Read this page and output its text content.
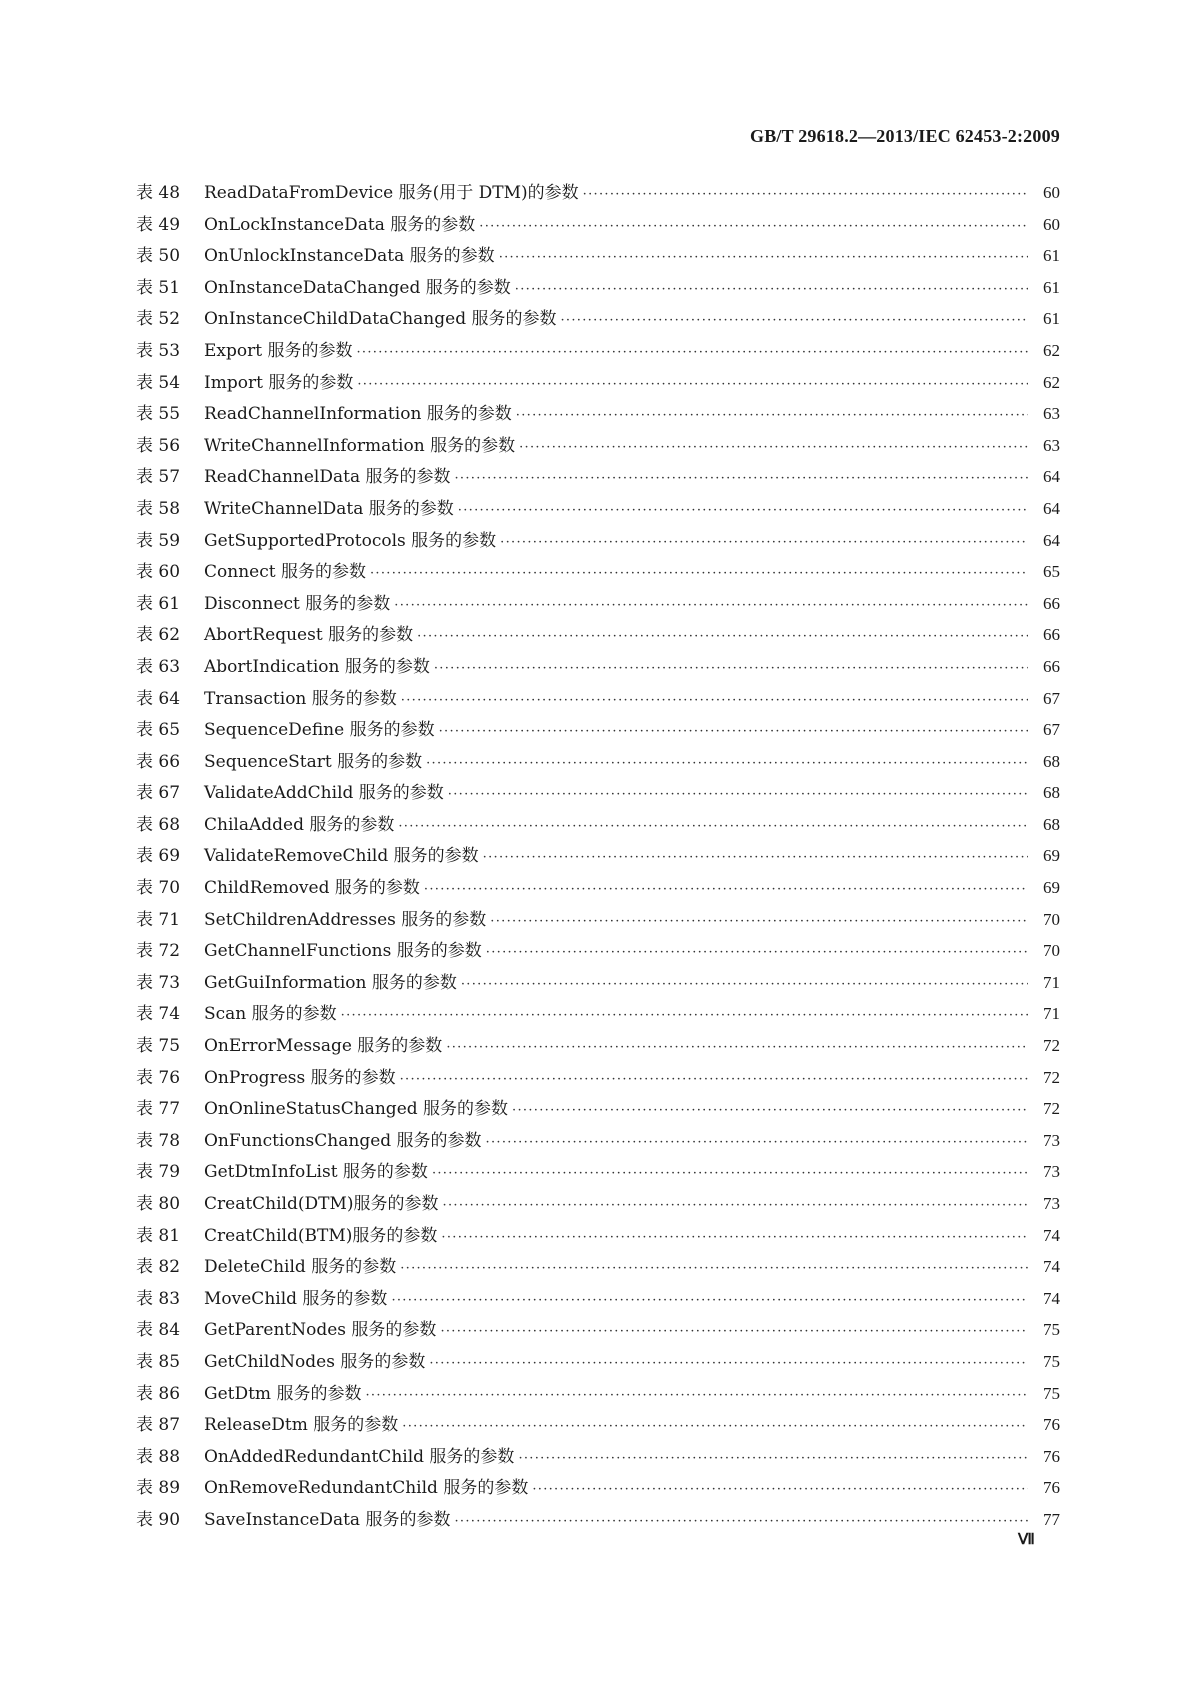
GB/T 29618.2—2013/IEC 62453-2:2009
表 48	ReadDataFromDevice 服务(用于 DTM)的参数 ·····	60
表 49	OnLockInstanceData 服务的参数 ·····	60
表 50	OnUnlockInstanceData 服务的参数 ·····	61
表 51	OnInstanceDataChanged 服务的参数 ·····	61
表 52	OnInstanceChildDataChanged 服务的参数 ·····	61
表 53	Export 服务的参数 ·····	62
表 54	Import 服务的参数 ·····	62
表 55	ReadChannelInformation 服务的参数 ·····	63
表 56	WriteChannelInformation 服务的参数 ·····	63
表 57	ReadChannelData 服务的参数 ·····	64
表 58	WriteChannelData 服务的参数 ·····	64
表 59	GetSupportedProtocols 服务的参数 ·····	64
表 60	Connect 服务的参数 ·····	65
表 61	Disconnect 服务的参数 ·····	66
表 62	AbortRequest 服务的参数 ·····	66
表 63	AbortIndication 服务的参数 ·····	66
表 64	Transaction 服务的参数 ·····	67
表 65	SequenceDefine 服务的参数 ·····	67
表 66	SequenceStart 服务的参数 ·····	68
表 67	ValidateAddChild 服务的参数 ·····	68
表 68	ChilaAdded 服务的参数 ·····	68
表 69	ValidateRemoveChild 服务的参数 ·····	69
表 70	ChildRemoved 服务的参数 ·····	69
表 71	SetChildrenAddresses 服务的参数 ·····	70
表 72	GetChannelFunctions 服务的参数 ·····	70
表 73	GetGuiInformation 服务的参数 ·····	71
表 74	Scan 服务的参数 ·····	71
表 75	OnErrorMessage 服务的参数 ·····	72
表 76	OnProgress 服务的参数 ·····	72
表 77	OnOnlineStatusChanged 服务的参数 ·····	72
表 78	OnFunctionsChanged 服务的参数 ·····	73
表 79	GetDtmInfoList 服务的参数 ·····	73
表 80	CreatChild(DTM)服务的参数 ·····	73
表 81	CreatChild(BTM)服务的参数 ·····	74
表 82	DeleteChild 服务的参数 ·····	74
表 83	MoveChild 服务的参数 ·····	74
表 84	GetParentNodes 服务的参数 ·····	75
表 85	GetChildNodes 服务的参数 ·····	75
表 86	GetDtm 服务的参数 ·····	75
表 87	ReleaseDtm 服务的参数 ·····	76
表 88	OnAddedRedundantChild 服务的参数 ·····	76
表 89	OnRemoveRedundantChild 服务的参数 ·····	76
表 90	SaveInstanceData 服务的参数 ·····	77
Ⅶ
